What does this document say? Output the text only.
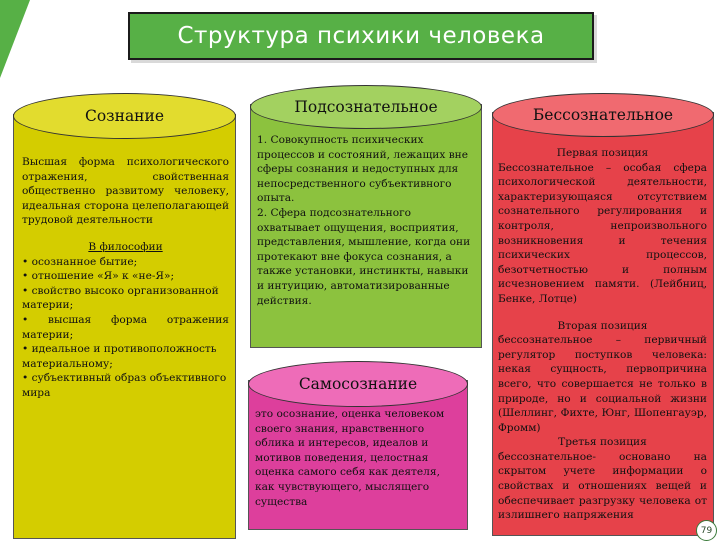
Структура психики человека

Высшая форма психологического отражения, свойственная общественно развитому человеку, идеальная сторона целеполагающей трудовой деятельности

В философии

• осознанное бытие;

• отношение «Я» к «не-Я»;

• свойство высоко организованной материи;

• высшая форма отражения материи;

• идеальное и противоположность материальному;

• субъективный образ объективного мира

Сознание

1. Совокупность психических процессов и состояний, лежащих вне сферы сознания и недоступных для непосредственного субъективного опыта.

2. Сфера подсознательного охватывает ощущения, восприятия, представления, мышление, когда они протекают вне фокуса сознания, а также установки, инстинкты, навыки и интуицию, автоматизированные действия.

Подсознательное

это осознание, оценка человеком своего знания, нравственного облика и интересов, идеалов и мотивов поведения, целостная оценка самого себя как деятеля, как чувствующего, мыслящего существа

Самосознание

Первая позиция

Бессознательное – особая сфера психологической деятельности, характеризующаяся отсутствием сознательного регулирования и контроля, непроизвольного возникновения и течения психических процессов, безотчетностью и полным исчезновением памяти. (Лейбниц, Бенке, Лотце)

Вторая позиция

бессознательное – первичный регулятор поступков человека: некая сущность, первопричина всего, что совершается не только в природе, но и социальной жизни (Шеллинг, Фихте, Юнг, Шопенгауэр, Фромм)

Третья позиция

бессознательное- основано на скрытом учете информации о свойствах и отношениях вещей и обеспечивает разгрузку человека от излишнего напряжения

Бессознательное
79
